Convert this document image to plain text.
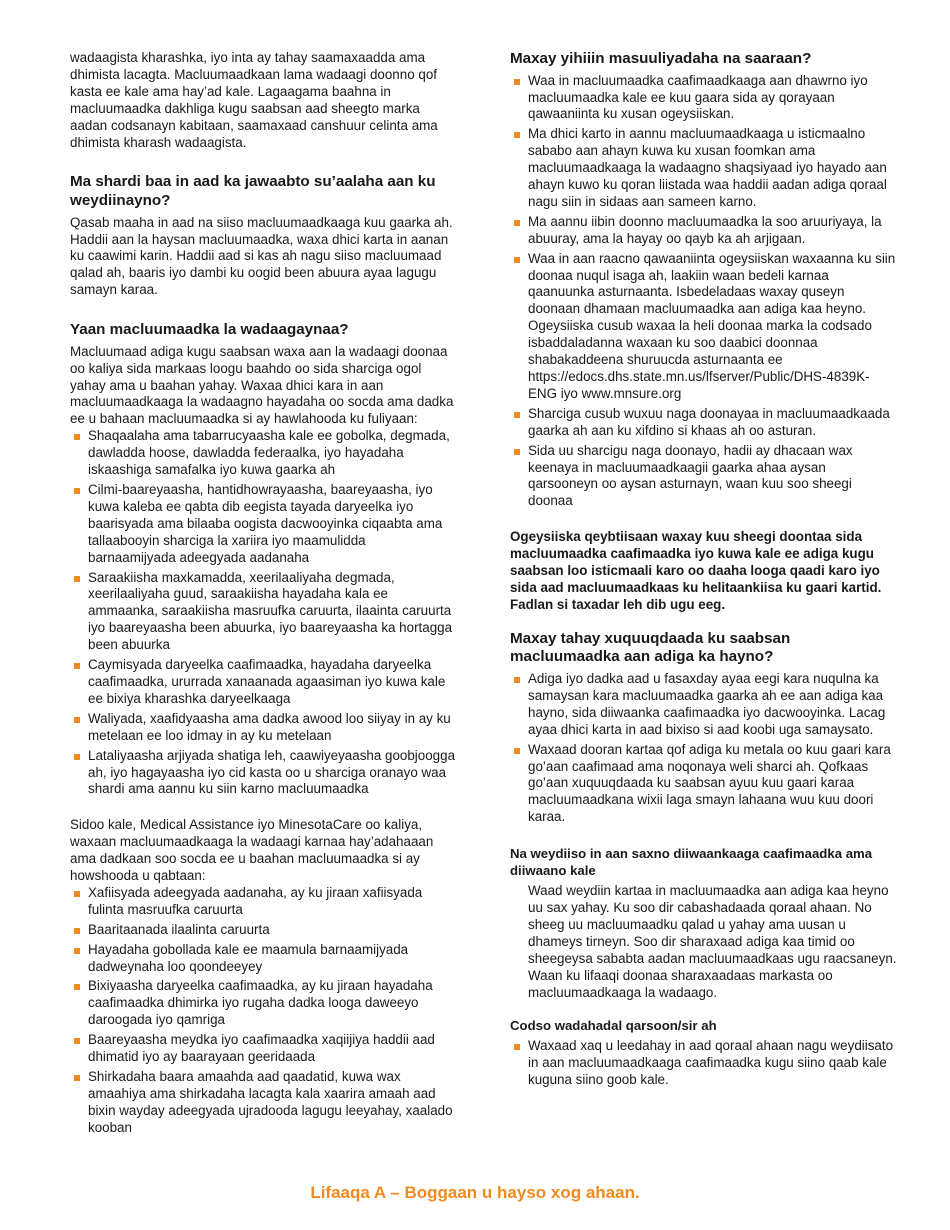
wadaagista kharashka, iyo inta ay tahay saamaxaadda ama dhimista lacagta. Macluumaadkaan lama wadaagi doonno qof kasta ee kale ama hay’ad kale. Lagaagama baahna in macluumaadka dakhliga kugu saabsan aad sheegto marka aadan codsanayn kabitaan, saamaxaad canshuur celinta ama dhimista kharash wadaagista.

Ma shardi baa in aad ka jawaabto su’aalaha aan ku weydiinayno?

Qasab maaha in aad na siiso macluumaadkaaga kuu gaarka ah. Haddii aan la haysan macluumaadka, waxa dhici karta in aanan ku caawimi karin. Haddii aad si kas ah nagu siiso macluumaad qalad ah, baaris iyo dambi ku oogid been abuura ayaa lagugu samayn karaa.

Yaan macluumaadka la wadaagaynaa?

Macluumaad adiga kugu saabsan waxa aan la wadaagi doonaa oo kaliya sida markaas loogu baahdo oo sida sharciga ogol yahay ama u baahan yahay. Waxaa dhici kara in aan macluumaadkaaga la wadaagno hayadaha oo socda ama dadka ee u bahaan macluumaadka si ay hawlahooda ku fuliyaan:

Shaqaalaha ama tabarrucyaasha kale ee gobolka, degmada, dawladda hoose, dawladda federaalka, iyo hayadaha iskaashiga samafalka iyo kuwa gaarka ah
Cilmi-baareyaasha, hantidhowrayaasha, baareyaasha, iyo kuwa kaleba ee qabta dib eegista tayada daryeelka iyo baarisyada ama bilaaba oogista dacwooyinka ciqaabta ama tallaabooyin sharciga la xariira iyo maamulidda barnaamijyada adeegyada aadanaha
Saraakiisha maxkamadda, xeerilaaliyaha degmada, xeerilaaliyaha guud, saraakiisha hayadaha kala ee ammaanka, saraakiisha masruufka caruurta, ilaainta caruurta iyo baareyaasha been abuurka, iyo baareyaasha ka hortagga been abuurka
Caymisyada daryeelka caafimaadka, hayadaha daryeelka caafimaadka, ururrada xanaanada agaasiman iyo kuwa kale ee bixiya kharashka daryeelkaaga
Waliyada, xaafidyaasha ama dadka awood loo siiyay in ay ku metelaan ee loo idmay in ay ku metelaan
Lataliyaasha arjiyada shatiga leh, caawiyeyaasha goobjoogga ah, iyo hagayaasha iyo cid kasta oo u sharciga oranayo waa shardi ama aannu ku siin karno macluumaadka

Sidoo kale, Medical Assistance iyo MinesotaCare oo kaliya, waxaan macluumaadkaaga la wadaagi karnaa hay’adahaaan ama dadkaan soo socda ee u baahan macluumaadka si ay howshooda u qabtaan:

Xafiisyada adeegyada aadanaha, ay ku jiraan xafiisyada fulinta masruufka caruurta
Baaritaanada ilaalinta caruurta
Hayadaha gobollada kale ee maamula barnaamijyada dadweynaha loo qoondeeyey
Bixiyaasha daryeelka caafimaadka, ay ku jiraan hayadaha caafimaadka dhimirka iyo rugaha dadka looga daweeyo daroogada iyo qamriga
Baareyaasha meydka iyo caafimaadka xaqiijiya haddii aad dhimatid iyo ay baarayaan geeridaada
Shirkadaha baara amaahda aad qaadatid, kuwa wax amaahiya ama shirkadaha lacagta kala xaarira amaah aad bixin wayday adeegyada ujradooda lagugu leeyahay, xaalado kooban
Maxay yihiiin masuuliyadaha na saaraan?
Waa in macluumaadka caafimaadkaaga aan dhawrno iyo macluumaadka kale ee kuu gaara sida ay qorayaan qawaaniinta ku xusan ogeysiiskan.
Ma dhici karto in aannu macluumaadkaaga u isticmaalno sababo aan ahayn kuwa ku xusan foomkan ama macluumaadkaaga la wadaagno shaqsiyaad iyo hayado aan ahayn kuwo ku qoran liistada waa haddii aadan adiga qoraal nagu siin in sidaas aan sameen karno.
Ma aannu iibin doonno macluumaadka la soo aruuriyaya, la abuuray, ama la hayay oo qayb ka ah arjigaan.
Waa in aan raacno qawaaniinta ogeysiiskan waxaanna ku siin doonaa nuqul isaga ah, laakiin waan bedeli karnaa qaanuunka asturnaanta. Isbedeladaas waxay quseyn doonaan dhamaan macluumaadka aan adiga kaa heyno. Ogeysiiska cusub waxaa la heli doonaa marka la codsado isbaddaladanna waxaan ku soo daabici doonnaa shabakaddeena shuruucda asturnaanta ee https://edocs.dhs.state.mn.us/lfserver/Public/DHS-4839K-ENG iyo www.mnsure.org
Sharciga cusub wuxuu naga doonayaa in macluumaadkaada gaarka ah aan ku xifdino si khaas ah oo asturan.
Sida uu sharcigu naga doonayo, hadii ay dhacaan wax keenaya in macluumaadkaagii gaarka ahaa aysan qarsooneyn oo aysan asturnayn, waan kuu soo sheegi doonaa

Ogeysiiska qeybtiisaan waxay kuu sheegi doontaa sida macluumaadka caafimaadka iyo kuwa kale ee adiga kugu saabsan loo isticmaali karo oo daaha looga qaadi karo iyo sida aad macluumaadkaas ku helitaankiisa ku gaari kartid. Fadlan si taxadar leh dib ugu eeg.

Maxay tahay xuquuqdaada ku saabsan macluumaadka aan adiga ka hayno?
Adiga iyo dadka aad u fasaxday ayaa eegi kara nuqulna ka samaysan kara macluumaadka gaarka ah ee aan adiga kaa hayno, sida diiwaanka caafimaadka iyo dacwooyinka. Lacag ayaa dhici karta in aad bixiso si aad koobi uga samaysato.
Waxaad dooran kartaa qof adiga ku metala oo kuu gaari kara go’aan caafimaad ama noqonaya weli sharci ah. Qofkaas go’aan xuquuqdaada ku saabsan ayuu kuu gaari karaa macluumaadkana wixii laga smayn lahaana wuu kuu doori karaa.
Na weydiiso in aan saxno diiwaankaaga caafimaadka ama diiwaano kale

Waad weydiin kartaa in macluumaadka aan adiga kaa heyno uu sax yahay. Ku soo dir cabashadaada qoraal ahaan. No sheeg uu macluumaadku qalad u yahay ama uusan u dhameys tirneyn. Soo dir sharaxaad adiga kaa timid oo sheegeysa sababta aadan macluumaadkaas ugu raacsaneyn. Waan ku lifaaqi doonaa sharaxaadaas markasta oo macluumaadkaaga la wadaago.

Codso wadahadal qarsoon/sir ah
Waxaad xaq u leedahay in aad qoraal ahaan nagu weydiisato in aan macluumaadkaaga caafimaadka kugu siino qaab kale kuguna siino goob kale.
Lifaaqa A – Boggaan u hayso xog ahaan.
